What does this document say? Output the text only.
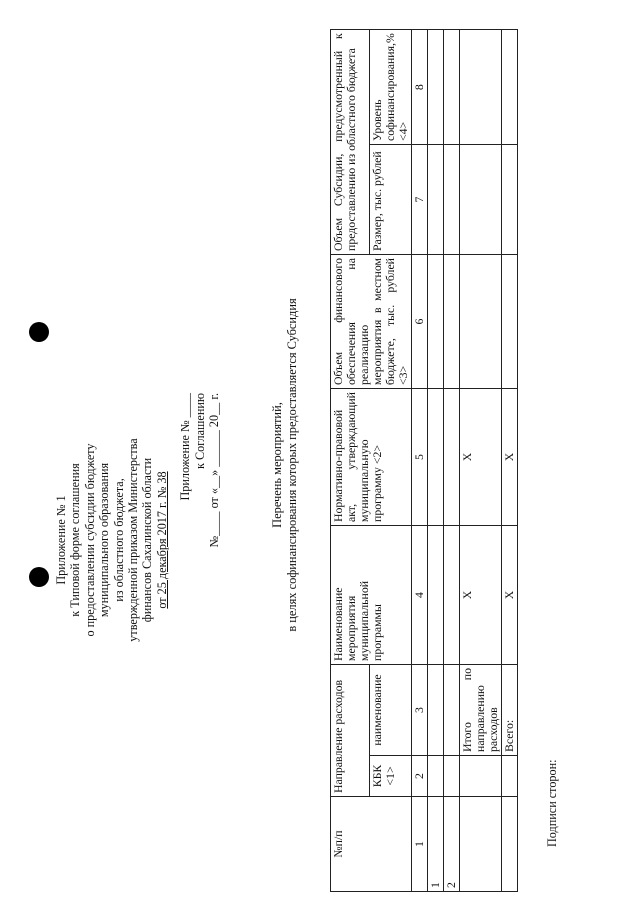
Приложение № 1 к Типовой форме соглашения о предоставлении субсидии бюджету муниципального образования из областного бюджета, утвержденной приказом Министерства финансов Сахалинской области от 25 декабря 2017 г. № 38
Приложение № ____ к Соглашению №____ от «__» ______ 20__ г.	Перечень мероприятий, в целях софинансирования которых предоставляется Субсидия
№п/п	Направление расходов		Наименование мероприятия муниципальной программы	Нормативно-правовой акт, утверждающий муниципальную программу <2>	Объем финансового обеспечения на реализацию мероприятия в местном бюджете, тыс. рублей <3>	Объем Субсидии, предусмотренный к предоставлению из областного бюджета	
	КБК <1>	наименование				Размер, тыс. рублей	Уровень софинансирования,% <4>
1	2	3	4	5	6	7	8
1							
2							
		Итого по направлению расходов	X	X			
		Всего:	X	X			
Подписи сторон:
